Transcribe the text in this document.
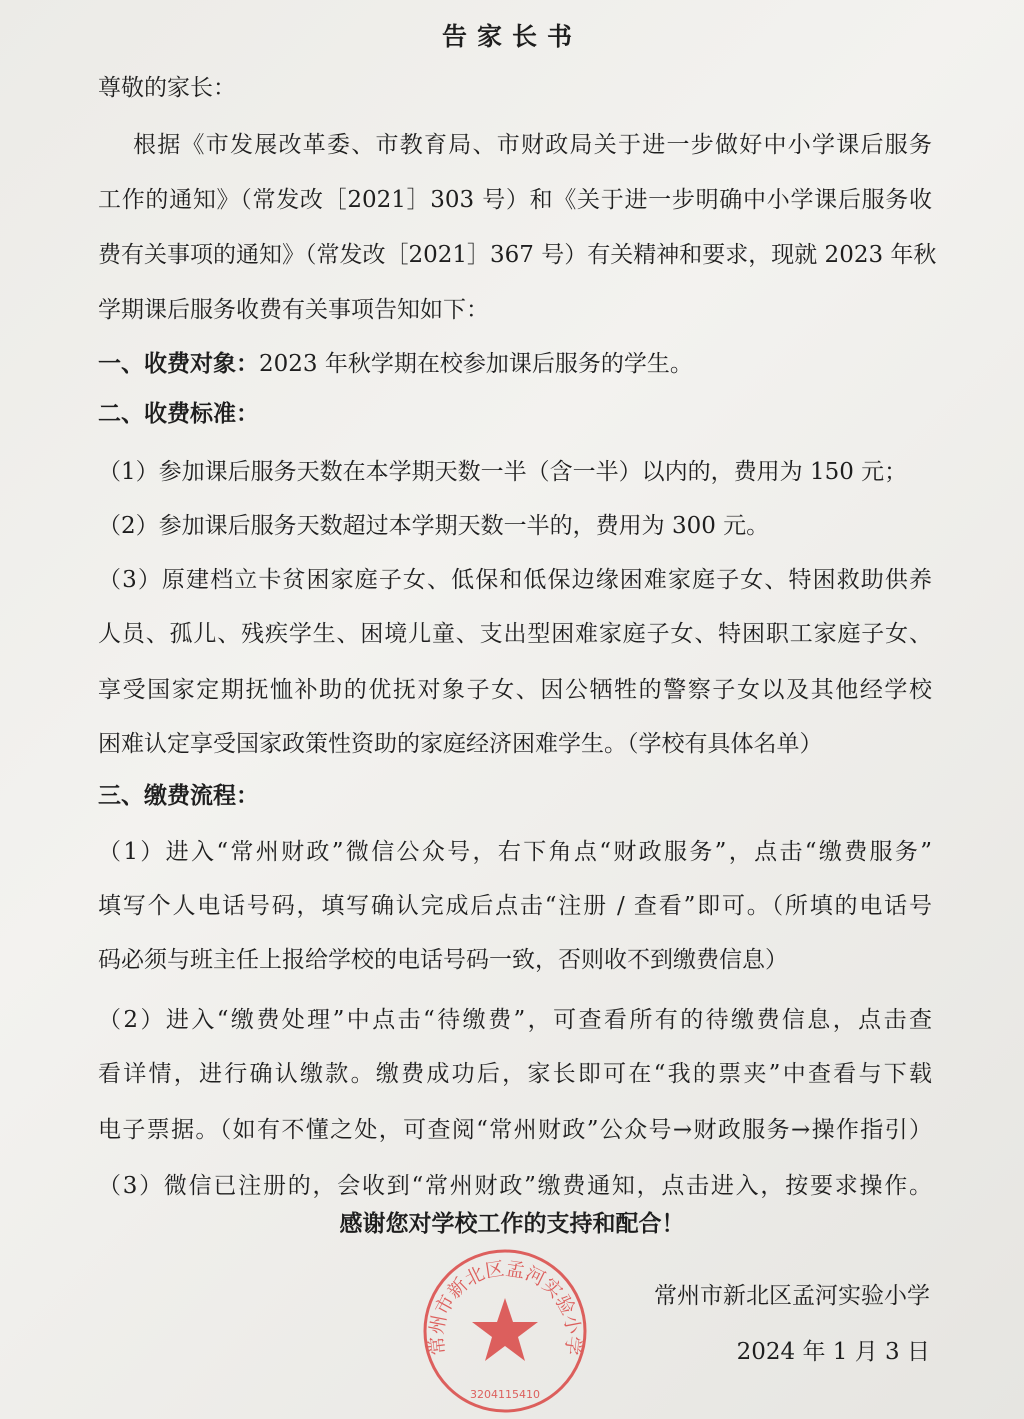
告家长书
尊敬的家长：
根据《市发展改革委、市教育局、市财政局关于进一步做好中小学课后服务
工作的通知》（常发改［2021］303 号）和《关于进一步明确中小学课后服务收
费有关事项的通知》（常发改［2021］367 号）有关精神和要求，现就 2023 年秋
学期课后服务收费有关事项告知如下：
一、收费对象：2023 年秋学期在校参加课后服务的学生。
二、收费标准：
（1）参加课后服务天数在本学期天数一半（含一半）以内的，费用为 150 元；
（2）参加课后服务天数超过本学期天数一半的，费用为 300 元。
（3）原建档立卡贫困家庭子女、低保和低保边缘困难家庭子女、特困救助供养
人员、孤儿、残疾学生、困境儿童、支出型困难家庭子女、特困职工家庭子女、
享受国家定期抚恤补助的优抚对象子女、因公牺牲的警察子女以及其他经学校
困难认定享受国家政策性资助的家庭经济困难学生。（学校有具体名单）
三、缴费流程：
（1）进入“常州财政”微信公众号，右下角点“财政服务”，点击“缴费服务”
填写个人电话号码，填写确认完成后点击“注册 / 查看”即可。（所填的电话号
码必须与班主任上报给学校的电话号码一致，否则收不到缴费信息）
（2）进入“缴费处理”中点击“待缴费”，可查看所有的待缴费信息，点击查
看详情，进行确认缴款。缴费成功后，家长即可在“我的票夹”中查看与下载
电子票据。（如有不懂之处，可查阅“常州财政”公众号→财政服务→操作指引）
（3）微信已注册的，会收到“常州财政”缴费通知，点击进入，按要求操作。
感谢您对学校工作的支持和配合！
常州市新北区孟河实验小学
3204115410
常州市新北区孟河实验小学
2024 年 1 月 3 日
